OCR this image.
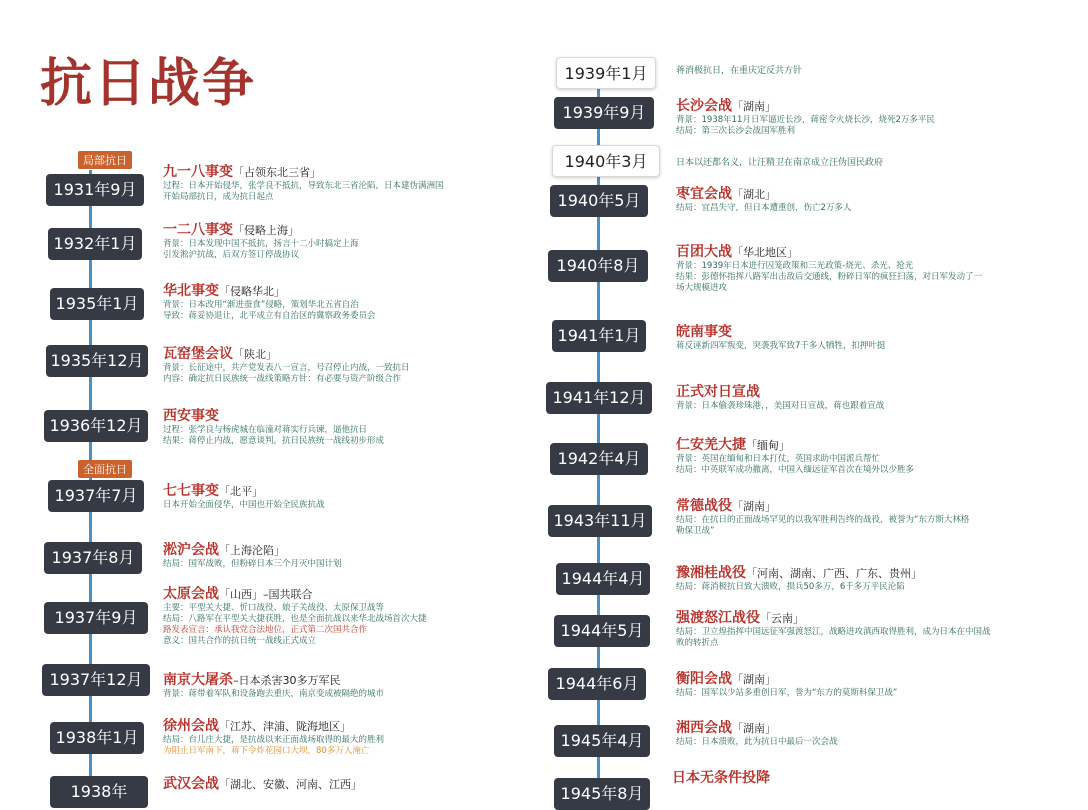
抗日战争
局部抗日
全面抗日
1931年9月
九一八事变「占领东北三省」
过程：日本开始侵华，张学良不抵抗，导致东北三省沦陷，日本建伪满洲国
开始局部抗日，成为抗日起点
1932年1月
一二八事变「侵略上海」
背景：日本发现中国不抵抗，扬言十二小时搞定上海
引发淞沪抗战，后双方签订停战协议
1935年1月
华北事变「侵略华北」
背景：日本改用“渐进蚕食”侵略，策划华北五省自治
导致：蒋妥协退让，北平成立有自治区的冀察政务委员会
1935年12月	瓦窑堡会议「陕北」
背景：长征途中，共产党发表八一宣言，号召停止内战，一致抗日
内容：确定抗日民族统一战线策略方针：有必要与资产阶级合作
1936年12月	西安事变
过程：张学良与杨虎城在临潼对蒋实行兵谏，逼他抗日
结果：蒋停止内战，愿意谈判，抗日民族统一战线初步形成
1937年7月	七七事变「北平」
日本开始全面侵华，中国也开始全民族抗战
1937年8月	淞沪会战「上海沦陷」
结局：国军战败，但粉碎日本三个月灭中国计划
1937年9月
太原会战「山西」–国共联合
主要：平型关大捷、忻口战役、娘子关战役、太原保卫战等
结局：八路军在平型关大捷获胜，也是全面抗战以来华北战场首次大捷
路发表宣言：承认我党合法地位，正式第二次国共合作
意义：国共合作的抗日统一战线正式成立
1937年12月	南京大屠杀–日本杀害30多万军民
背景：蒋带着军队和设备跑去重庆，南京变成被隔绝的城市
1938年1月
徐州会战「江苏、津浦、陇海地区」
结局：台儿庄大捷，是抗战以来正面战场取得的最大的胜利
为阻止日军南下，蒋下令炸花园口大坝，80多万人淹亡
1938年	武汉会战「湖北、安徽、河南、江西」
1939年1月	蒋消极抗日，在重庆定反共方针
1939年9月	长沙会战「湖南」
背景：1938年11月日军逼近长沙，蒋密令火烧长沙，烧死2万多平民
结局：第三次长沙会战国军胜利
1940年3月	日本以还都名义，让汪精卫在南京成立汪伪国民政府
1940年5月	枣宜会战「湖北」
结局：宜昌失守，但日本遭重创，伤亡2万多人
1940年8月
百团大战「华北地区」
背景：1939年日本进行囚笼政策和三光政策-烧光、杀光、抢光
结果：彭德怀指挥八路军出击敌后交通线，粉碎日军的疯狂扫荡，对日军发动了一
场大规模进攻
1941年1月	皖南事变
蒋反诬新四军叛变，突袭我军致7千多人牺牲，扣押叶挺
1941年12月	正式对日宣战
背景：日本偷袭珍珠港，，美国对日宣战，蒋也跟着宣战
1942年4月
仁安羌大捷「缅甸」
背景：英国在缅甸和日本打仗，英国求助中国派兵帮忙
结局：中英联军成功撤离，中国入缅远征军首次在境外以少胜多
1943年11月
常德战役「湖南」
结局：在抗日的正面战场罕见的以我军胜利告终的战役，被誉为“东方斯大林格
勒保卫战”
1944年4月	豫湘桂战役「河南、湖南、广西、广东、贵州」
结局：蒋消极抗日致大溃败，损兵50多万，6千多万平民沦陷
1944年5月
强渡怒江战役「云南」
结局：卫立煌指挥中国远征军强渡怒江，战略进攻滇西取得胜利，成为日本在中国战
败的转折点
1944年6月	衡阳会战「湖南」
结局：国军以少站多重创日军，誉为“东方的莫斯科保卫战”
1945年4月
湘西会战「湖南」
结局：日本溃败，此为抗日中最后一次会战
1945年8月
日本无条件投降
